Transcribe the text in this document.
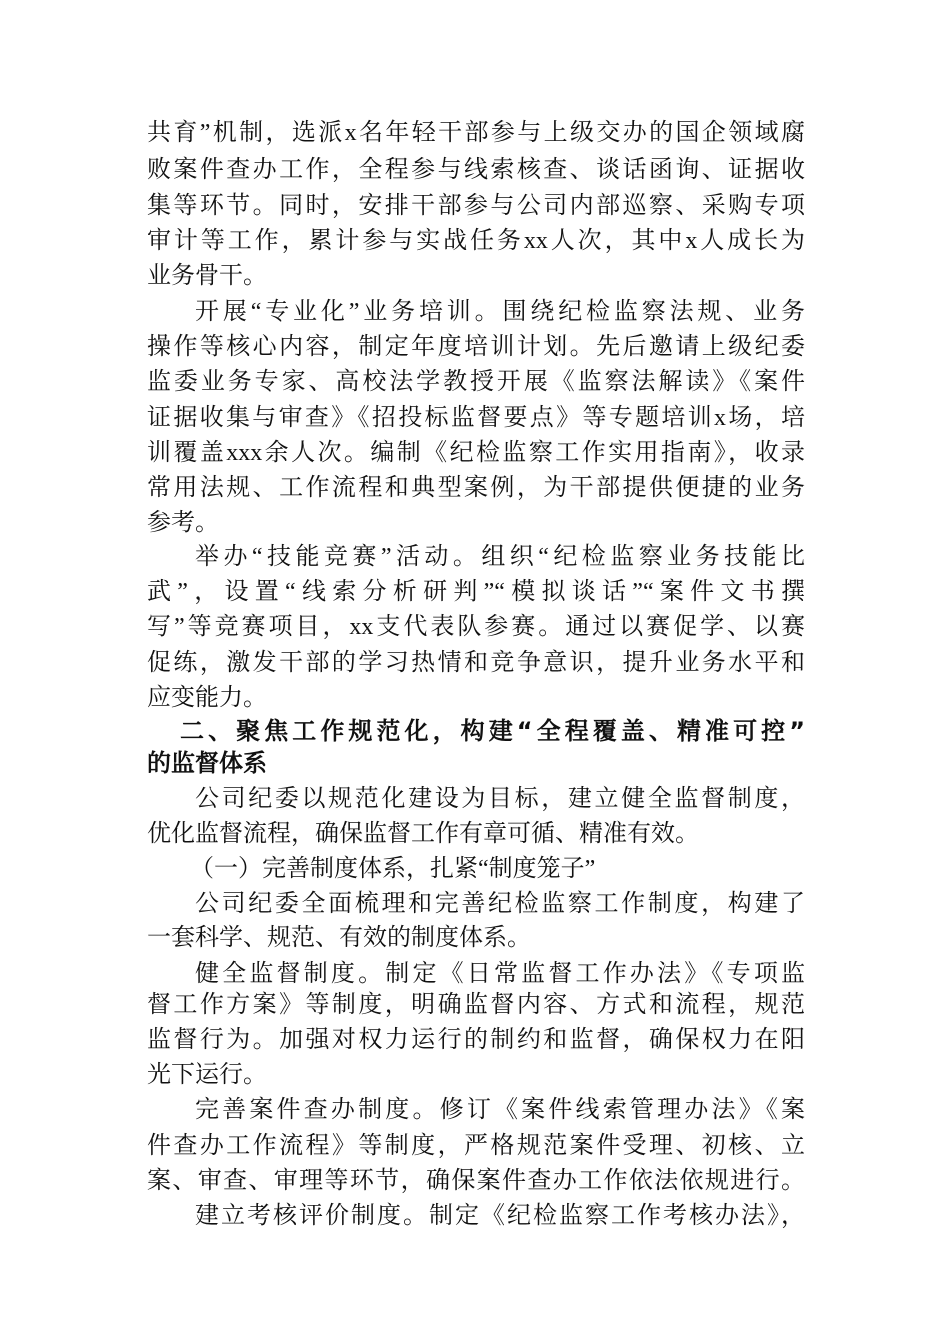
共育”机制，选派x名年轻干部参与上级交办的国企领域腐
败案件查办工作，全程参与线索核查、谈话函询、证据收
集等环节。同时，安排干部参与公司内部巡察、采购专项
审计等工作，累计参与实战任务xx人次，其中x人成长为
业务骨干。
开展“专业化”业务培训。围绕纪检监察法规、业务
操作等核心内容，制定年度培训计划。先后邀请上级纪委
监委业务专家、高校法学教授开展《监察法解读》《案件
证据收集与审查》《招投标监督要点》等专题培训x场，培
训覆盖xxx余人次。编制《纪检监察工作实用指南》，收录
常用法规、工作流程和典型案例，为干部提供便捷的业务
参考。
举办“技能竞赛”活动。组织“纪检监察业务技能比
武”，设置“线索分析研判”“模拟谈话”“案件文书撰
写”等竞赛项目，xx支代表队参赛。通过以赛促学、以赛
促练，激发干部的学习热情和竞争意识，提升业务水平和
应变能力。
二、聚焦工作规范化，构建“全程覆盖、精准可控”
的监督体系
公司纪委以规范化建设为目标，建立健全监督制度，
优化监督流程，确保监督工作有章可循、精准有效。
（一）完善制度体系，扎紧“制度笼子”
公司纪委全面梳理和完善纪检监察工作制度，构建了
一套科学、规范、有效的制度体系。
健全监督制度。制定《日常监督工作办法》《专项监
督工作方案》等制度，明确监督内容、方式和流程，规范
监督行为。加强对权力运行的制约和监督，确保权力在阳
光下运行。
完善案件查办制度。修订《案件线索管理办法》《案
件查办工作流程》等制度，严格规范案件受理、初核、立
案、审查、审理等环节，确保案件查办工作依法依规进行。
建立考核评价制度。制定《纪检监察工作考核办法》，
